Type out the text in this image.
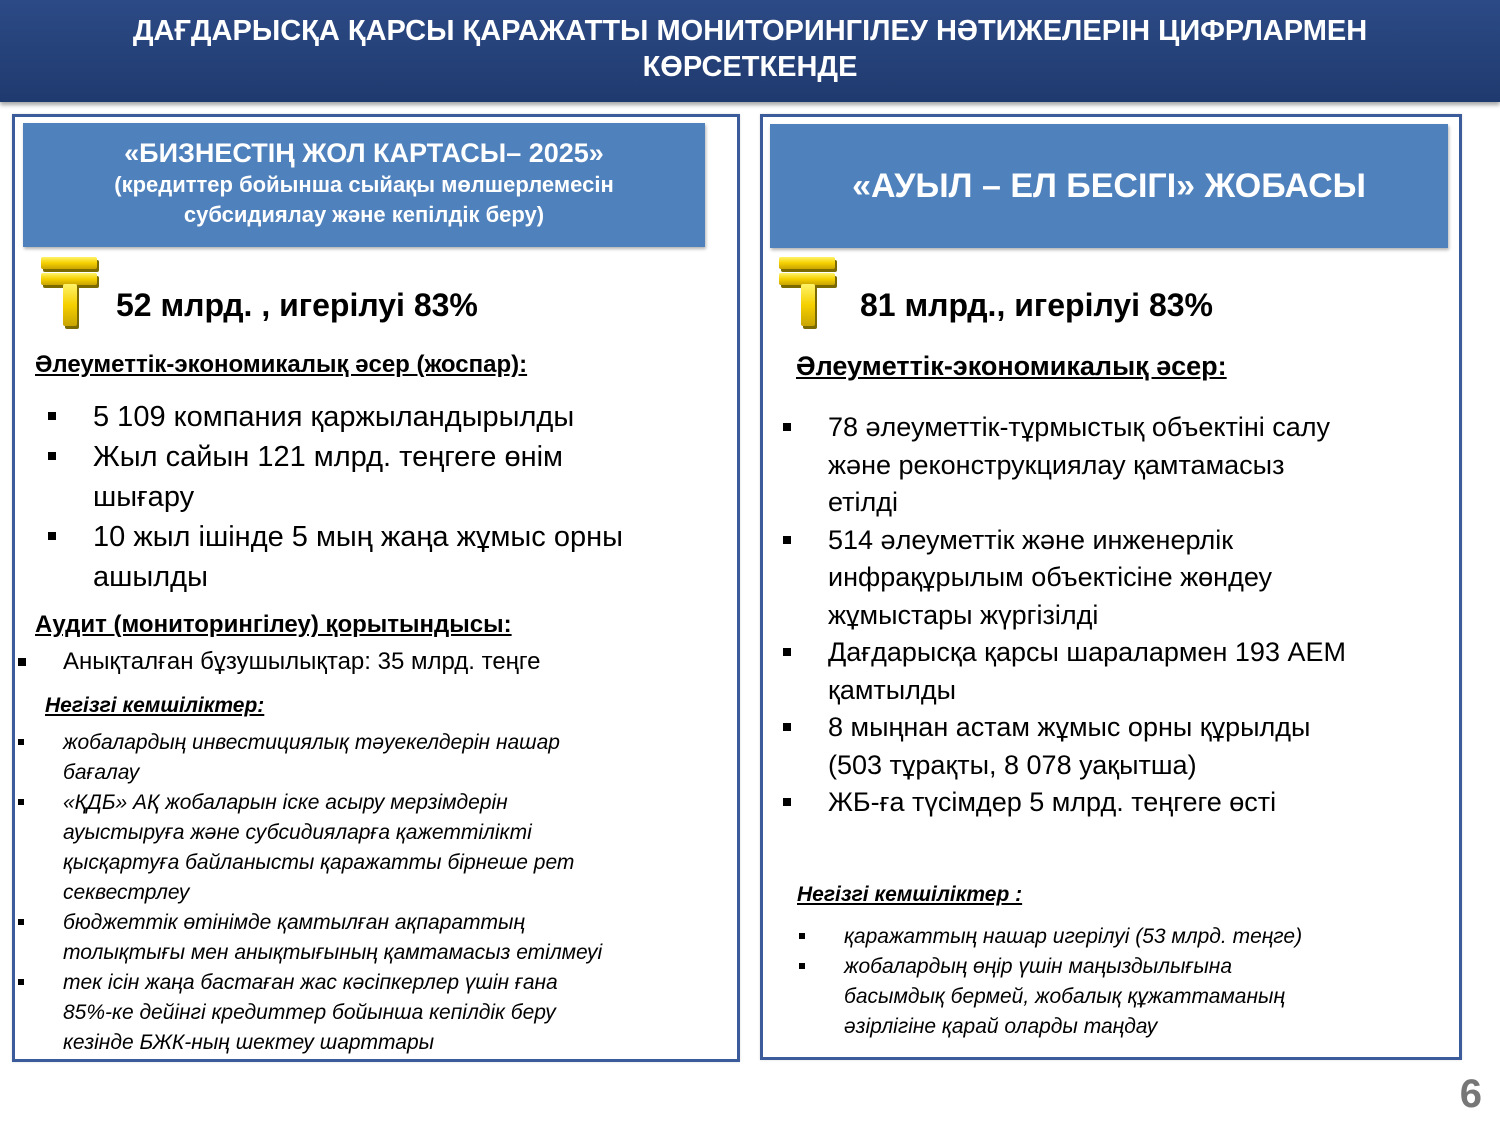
ДАҒДАРЫСҚА ҚАРСЫ ҚАРАЖАТТЫ МОНИТОРИНГІЛЕУ НӘТИЖЕЛЕРІН ЦИФРЛАРМЕН
КӨРСЕТКЕНДЕ
«БИЗНЕСТІҢ ЖОЛ КАРТАСЫ– 2025»
(кредиттер бойынша сыйақы мөлшерлемесін
субсидиялау және кепілдік беру)
52 млрд. , игерілуі 83%
Әлеуметтік-экономикалық әсер (жоспар):
5 109 компания қаржыландырылды
Жыл сайын 121 млрд. теңгеге өнім
шығару
10 жыл ішінде 5 мың жаңа жұмыс орны
ашылды
Аудит (мониторингілеу) қорытындысы:
Анықталған бұзушылықтар: 35 млрд. теңге
Негізгі кемшіліктер:
жобалардың инвестициялық тәуекелдерін нашар
бағалау
«ҚДБ» АҚ жобаларын іске асыру мерзімдерін
ауыстыруға және субсидияларға қажеттілікті
қысқартуға байланысты қаражатты бірнеше рет
секвестрлеу
бюджеттік өтінімде қамтылған ақпараттың
толықтығы мен анықтығының қамтамасыз етілмеуі
тек ісін жаңа бастаған жас кәсіпкерлер үшін ғана
85%-ке дейінгі кредиттер бойынша кепілдік беру
кезінде БЖК-ның шектеу шарттары
«АУЫЛ – ЕЛ БЕСІГІ» ЖОБАСЫ
81 млрд., игерілуі 83%
Әлеуметтік-экономикалық әсер:
78 әлеуметтік-тұрмыстық объектіні салу
және реконструкциялау қамтамасыз
етілді
514 әлеуметтік және инженерлік
инфрақұрылым объектісіне жөндеу
жұмыстары жүргізілді
Дағдарысқа қарсы шаралармен 193 АЕМ
қамтылды
8 мыңнан астам жұмыс орны құрылды
(503 тұрақты, 8 078 уақытша)
ЖБ-ға түсімдер 5 млрд. теңгеге өсті
Негізгі кемшіліктер :
қаражаттың нашар игерілуі (53 млрд. теңге)
жобалардың өңір үшін маңыздылығына
басымдық бермей, жобалық құжаттаманың
әзірлігіне қарай оларды таңдау
6
